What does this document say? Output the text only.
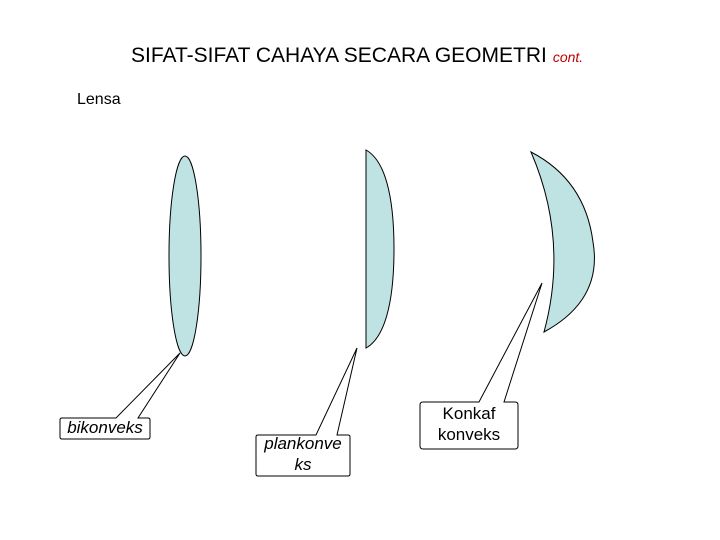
SIFAT-SIFAT CAHAYA SECARA GEOMETRI cont.
Lensa
bikonveks
plankonve
ks
Konkaf
konveks
